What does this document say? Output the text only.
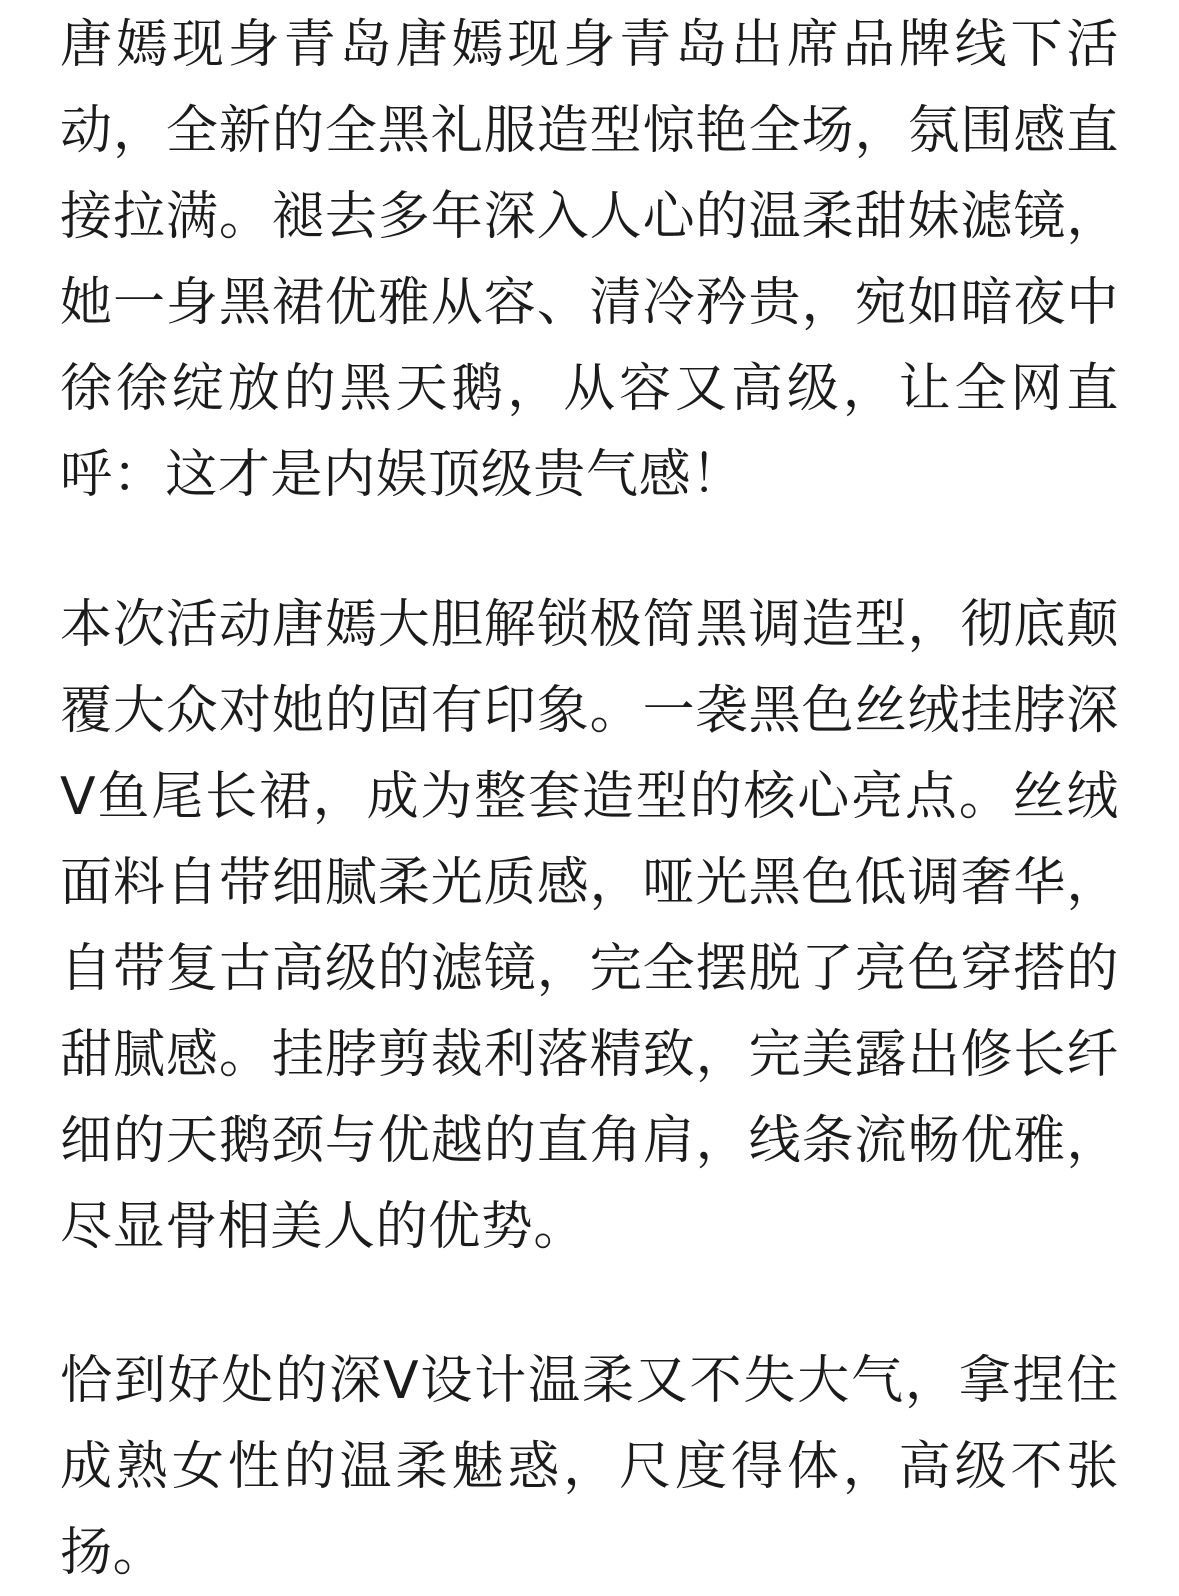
唐嫣现身青岛唐嫣现身青岛出席品牌线下活动，全新的全黑礼服造型惊艳全场，氛围感直接拉满。褪去多年深入人心的温柔甜妹滤镜，她一身黑裙优雅从容、清冷矜贵，宛如暗夜中徐徐绽放的黑天鹅，从容又高级，让全网直呼：这才是内娱顶级贵气感！

本次活动唐嫣大胆解锁极简黑调造型，彻底颠覆大众对她的固有印象。一袭黑色丝绒挂脖深V鱼尾长裙，成为整套造型的核心亮点。丝绒面料自带细腻柔光质感，哑光黑色低调奢华，自带复古高级的滤镜，完全摆脱了亮色穿搭的甜腻感。挂脖剪裁利落精致，完美露出修长纤细的天鹅颈与优越的直角肩，线条流畅优雅，尽显骨相美人的优势。

恰到好处的深V设计温柔又不失大气，拿捏住成熟女性的温柔魅惑，尺度得体，高级不张扬。
